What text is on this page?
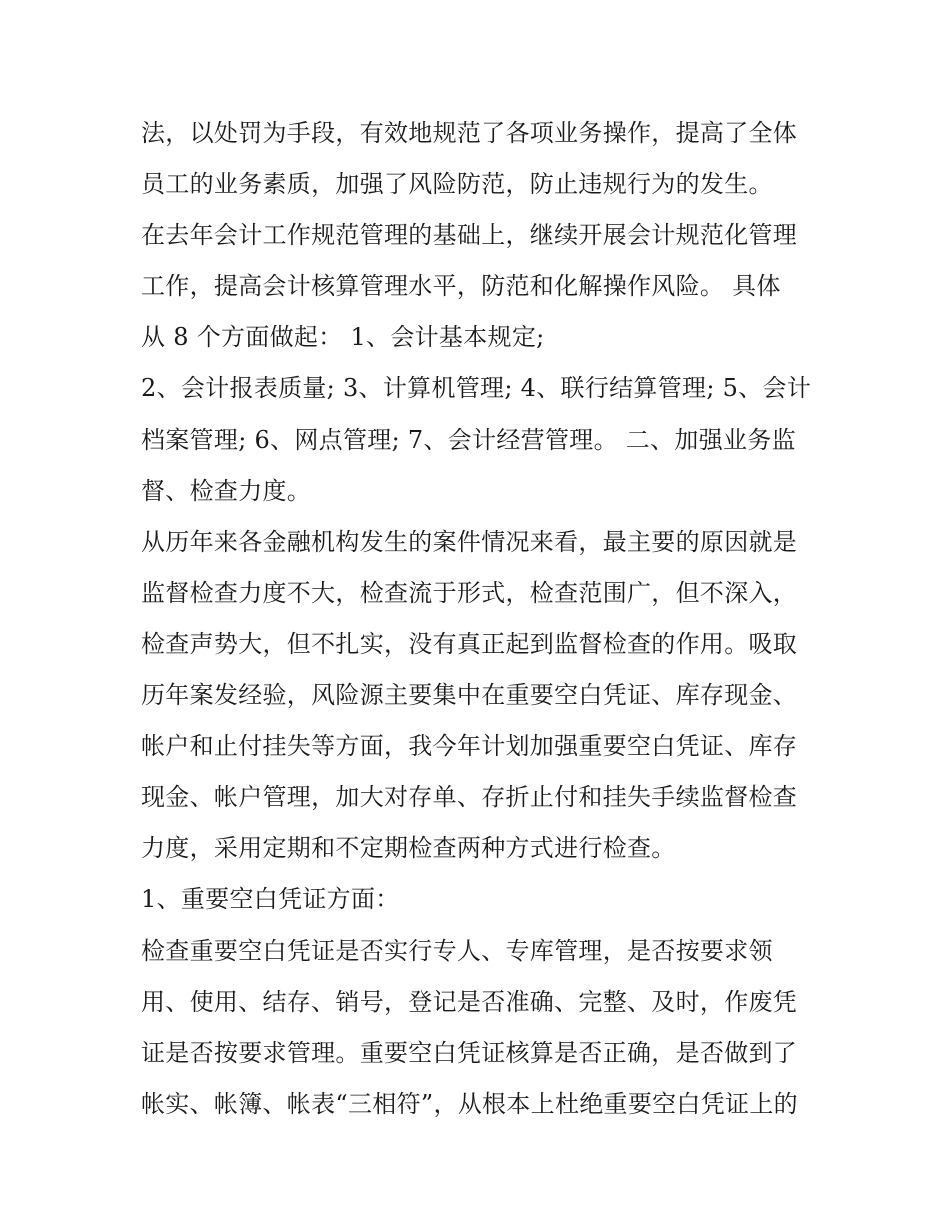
法，以处罚为手段，有效地规范了各项业务操作，提高了全体
员工的业务素质，加强了风险防范，防止违规行为的发生。
在去年会计工作规范管理的基础上，继续开展会计规范化管理
工作，提高会计核算管理水平，防范和化解操作风险。 具体
从 8 个方面做起： 1、会计基本规定;
2、会计报表质量; 3、计算机管理; 4、联行结算管理; 5、会计
档案管理; 6、网点管理; 7、会计经营管理。 二、加强业务监
督、检查力度。
从历年来各金融机构发生的案件情况来看，最主要的原因就是
监督检查力度不大，检查流于形式，检查范围广，但不深入，
检查声势大，但不扎实，没有真正起到监督检查的作用。吸取
历年案发经验，风险源主要集中在重要空白凭证、库存现金、
帐户和止付挂失等方面，我今年计划加强重要空白凭证、库存
现金、帐户管理，加大对存单、存折止付和挂失手续监督检查
力度，采用定期和不定期检查两种方式进行检查。
1、重要空白凭证方面：
检查重要空白凭证是否实行专人、专库管理，是否按要求领
用、使用、结存、销号，登记是否准确、完整、及时，作废凭
证是否按要求管理。重要空白凭证核算是否正确，是否做到了
帐实、帐簿、帐表“三相符”，从根本上杜绝重要空白凭证上的
